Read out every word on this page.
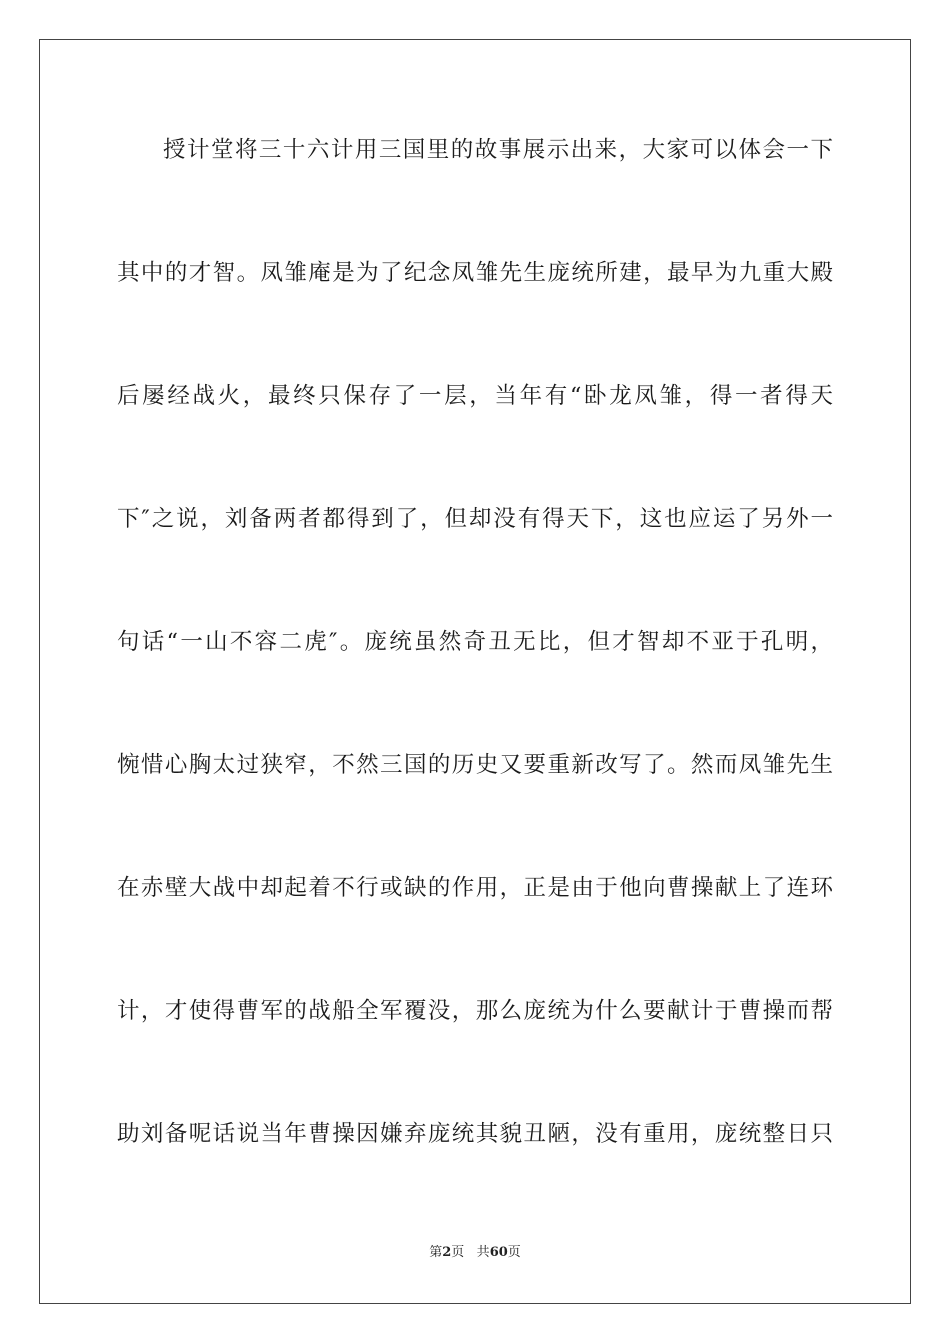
授计堂将三十六计用三国里的故事展示出来，大家可以体会一下
其中的才智。凤雏庵是为了纪念凤雏先生庞统所建，最早为九重大殿
后屡经战火，最终只保存了一层，当年有“卧龙凤雏，得一者得天
下″之说，刘备两者都得到了，但却没有得天下，这也应运了另外一
句话“一山不容二虎″。庞统虽然奇丑无比，但才智却不亚于孔明，
惋惜心胸太过狭窄，不然三国的历史又要重新改写了。然而凤雏先生
在赤壁大战中却起着不行或缺的作用，正是由于他向曹操献上了连环
计，才使得曹军的战船全军覆没，那么庞统为什么要献计于曹操而帮
助刘备呢话说当年曹操因嫌弃庞统其貌丑陋，没有重用，庞统整日只
第2页 共60页
